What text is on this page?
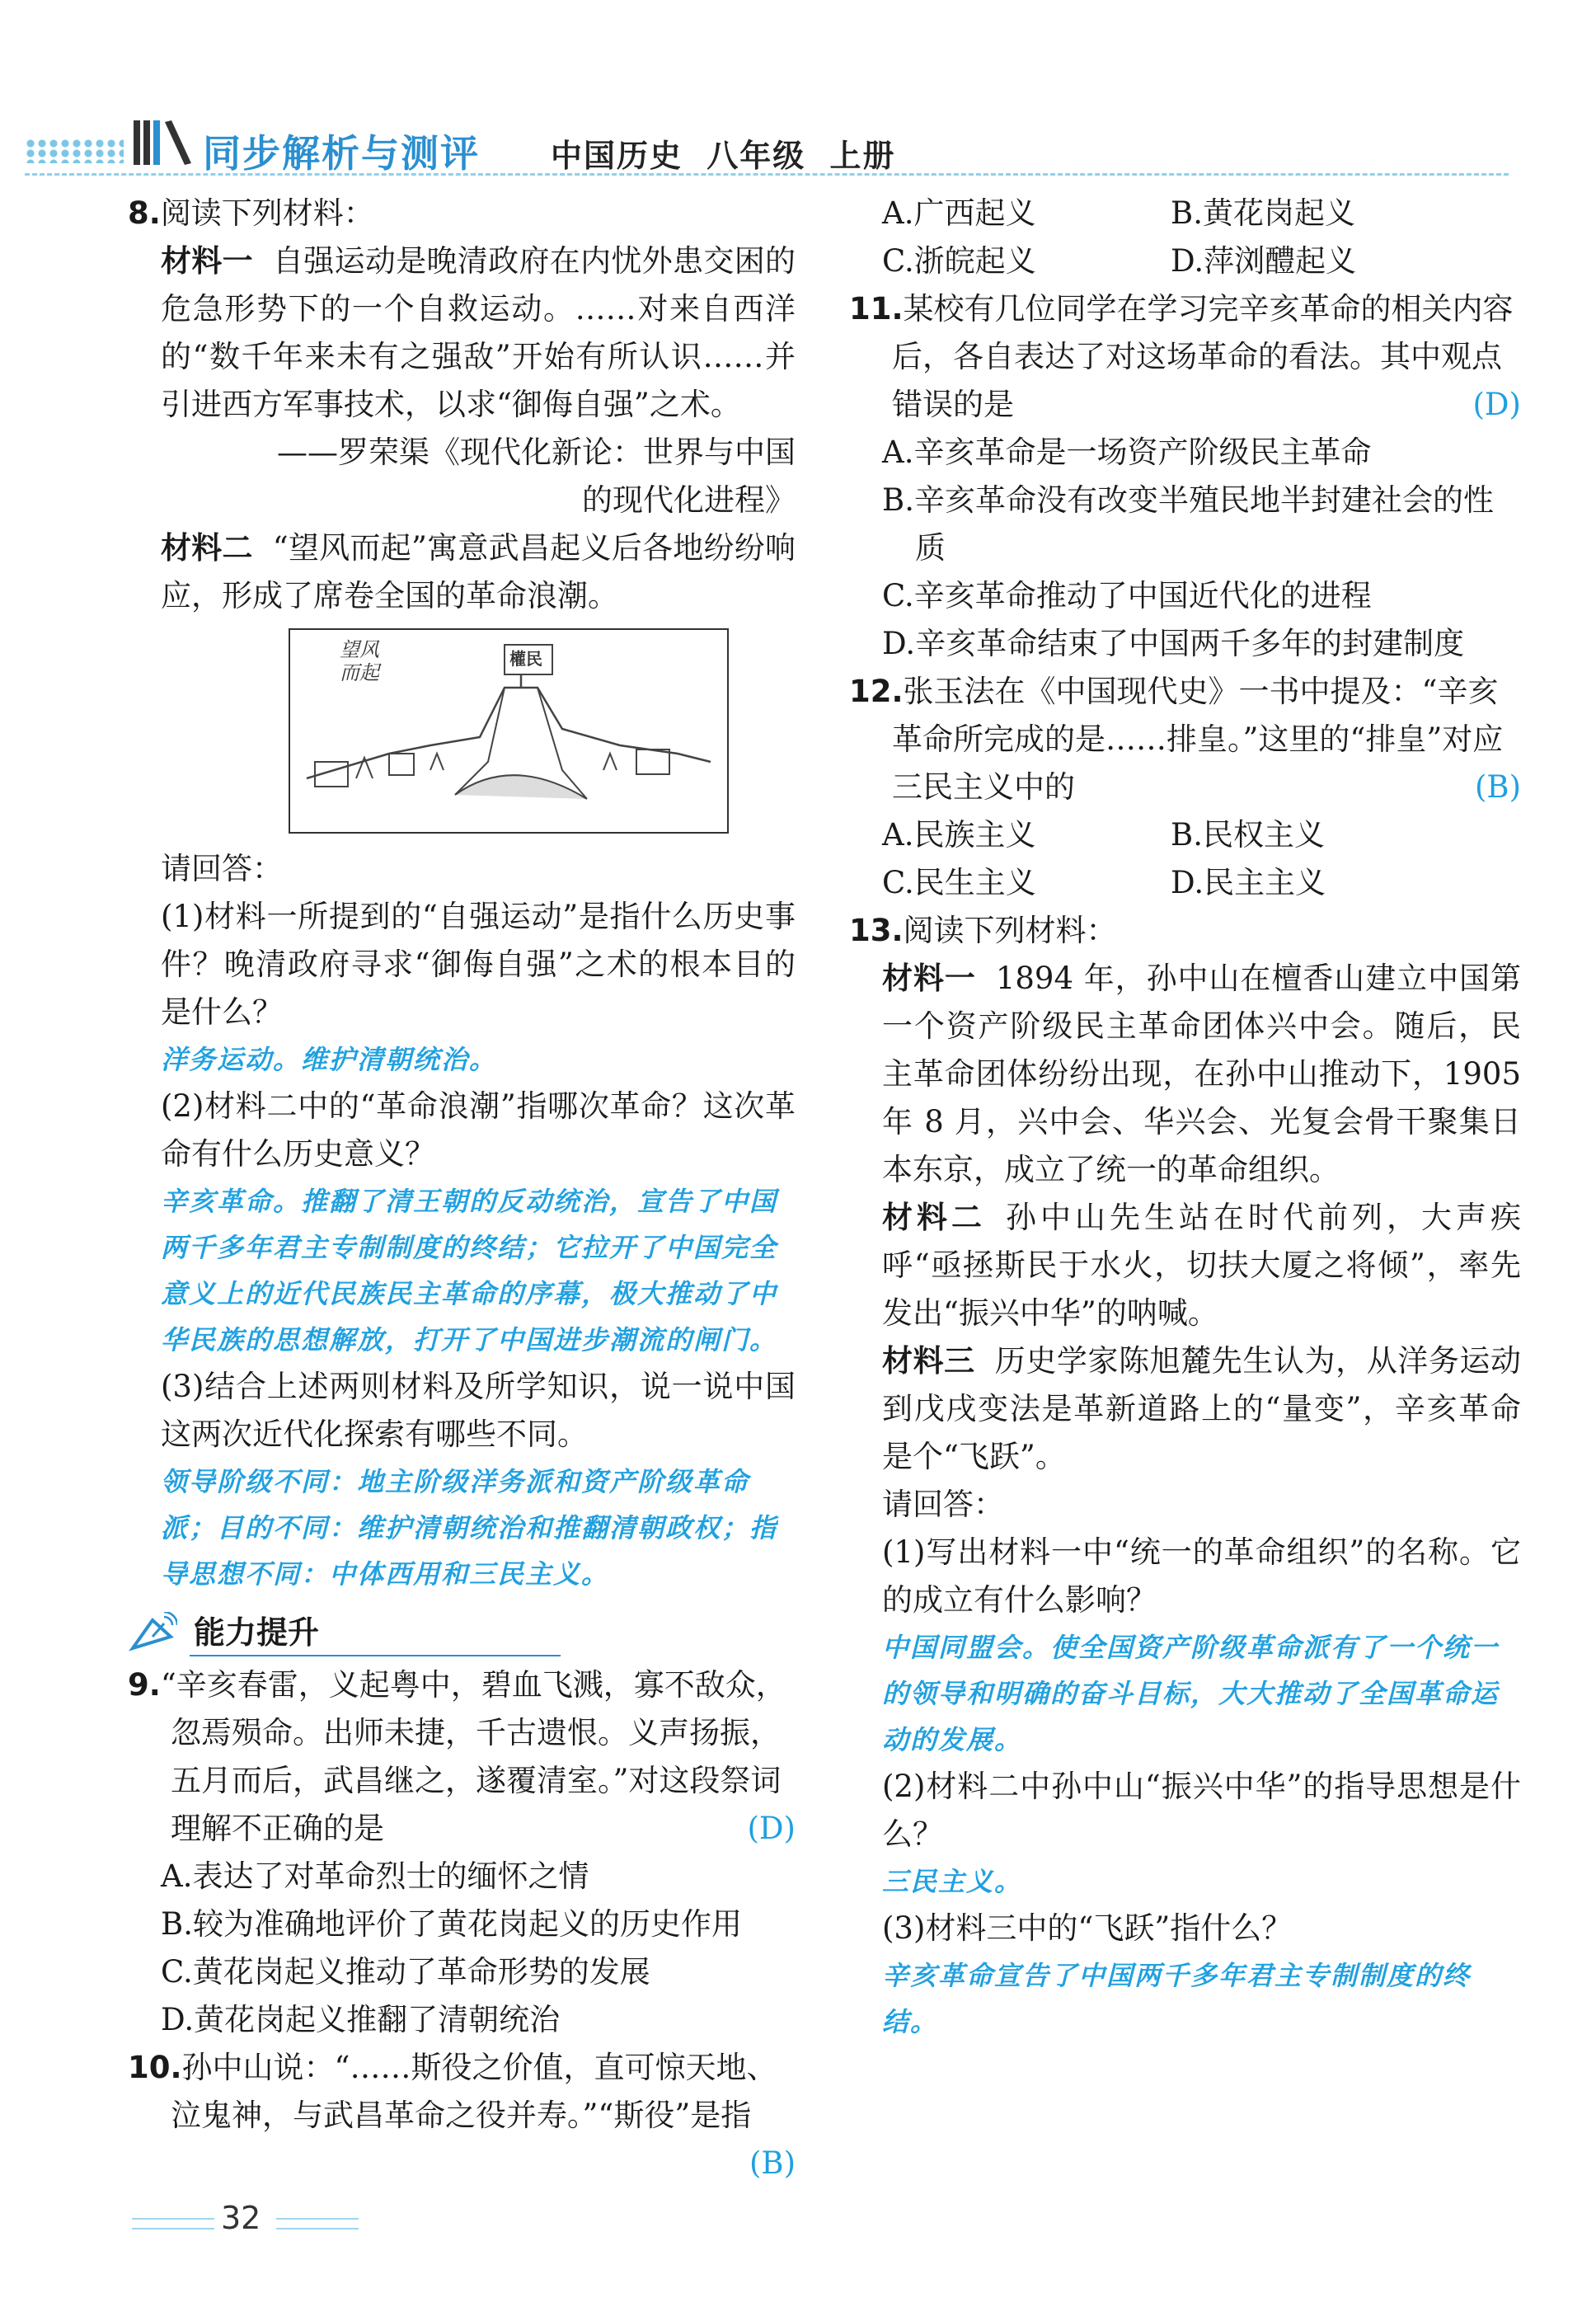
同步解析与测评 中国历史 八年级 上册

8.阅读下列材料：

材料一 自强运动是晚清政府在内忧外患交困的危急形势下的一个自救运动。……对来自西洋的“数千年来未有之强敌”开始有所认识……并引进西方军事技术，以求“御侮自强”之术。

——罗荣渠《现代化新论：世界与中国

的现代化进程》

材料二 “望风而起”寓意武昌起义后各地纷纷响应，形成了席卷全国的革命浪潮。

望风而起
權民

请回答：

(1)材料一所提到的“自强运动”是指什么历史事件？晚清政府寻求“御侮自强”之术的根本目的是什么？

洋务运动。维护清朝统治。

(2)材料二中的“革命浪潮”指哪次革命？这次革命有什么历史意义？

辛亥革命。推翻了清王朝的反动统治，宣告了中国两千多年君主专制制度的终结；它拉开了中国完全意义上的近代民族民主革命的序幕，极大推动了中华民族的思想解放，打开了中国进步潮流的闸门。

(3)结合上述两则材料及所学知识，说一说中国这两次近代化探索有哪些不同。

领导阶级不同：地主阶级洋务派和资产阶级革命派；目的不同：维护清朝统治和推翻清朝政权；指导思想不同：中体西用和三民主义。

能力提升

9.“辛亥春雷，义起粤中，碧血飞溅，寡不敌众，忽焉殒命。出师未捷，千古遗恨。义声扬振，五月而后，武昌继之，遂覆清室。”对这段祭词理解不正确的是	(D)

A.表达了对革命烈士的缅怀之情

B.较为准确地评价了黄花岗起义的历史作用

C.黄花岗起义推动了革命形势的发展

D.黄花岗起义推翻了清朝统治

10.孙中山说：“……斯役之价值，直可惊天地、泣鬼神，与武昌革命之役并寿。”“斯役”是指

(B)

A.广西起义	B.黄花岗起义
C.浙皖起义	D.萍浏醴起义

11.某校有几位同学在学习完辛亥革命的相关内容后，各自表达了对这场革命的看法。其中观点错误的是	(D)

A.辛亥革命是一场资产阶级民主革命

B.辛亥革命没有改变半殖民地半封建社会的性质

C.辛亥革命推动了中国近代化的进程

D.辛亥革命结束了中国两千多年的封建制度

12.张玉法在《中国现代史》一书中提及：“辛亥革命所完成的是……排皇。”这里的“排皇”对应三民主义中的	(B)

A.民族主义	B.民权主义
C.民生主义	D.民主主义

13.阅读下列材料：

材料一 1894 年，孙中山在檀香山建立中国第一个资产阶级民主革命团体兴中会。随后，民主革命团体纷纷出现，在孙中山推动下，1905 年 8 月，兴中会、华兴会、光复会骨干聚集日本东京，成立了统一的革命组织。

材料二 孙中山先生站在时代前列，大声疾呼“亟拯斯民于水火，切扶大厦之将倾”，率先发出“振兴中华”的呐喊。

材料三 历史学家陈旭麓先生认为，从洋务运动到戊戌变法是革新道路上的“量变”，辛亥革命是个“飞跃”。

请回答：

(1)写出材料一中“统一的革命组织”的名称。它的成立有什么影响？

中国同盟会。使全国资产阶级革命派有了一个统一的领导和明确的奋斗目标，大大推动了全国革命运动的发展。

(2)材料二中孙中山“振兴中华”的指导思想是什么？

三民主义。

(3)材料三中的“飞跃”指什么？

辛亥革命宣告了中国两千多年君主专制制度的终结。

32
